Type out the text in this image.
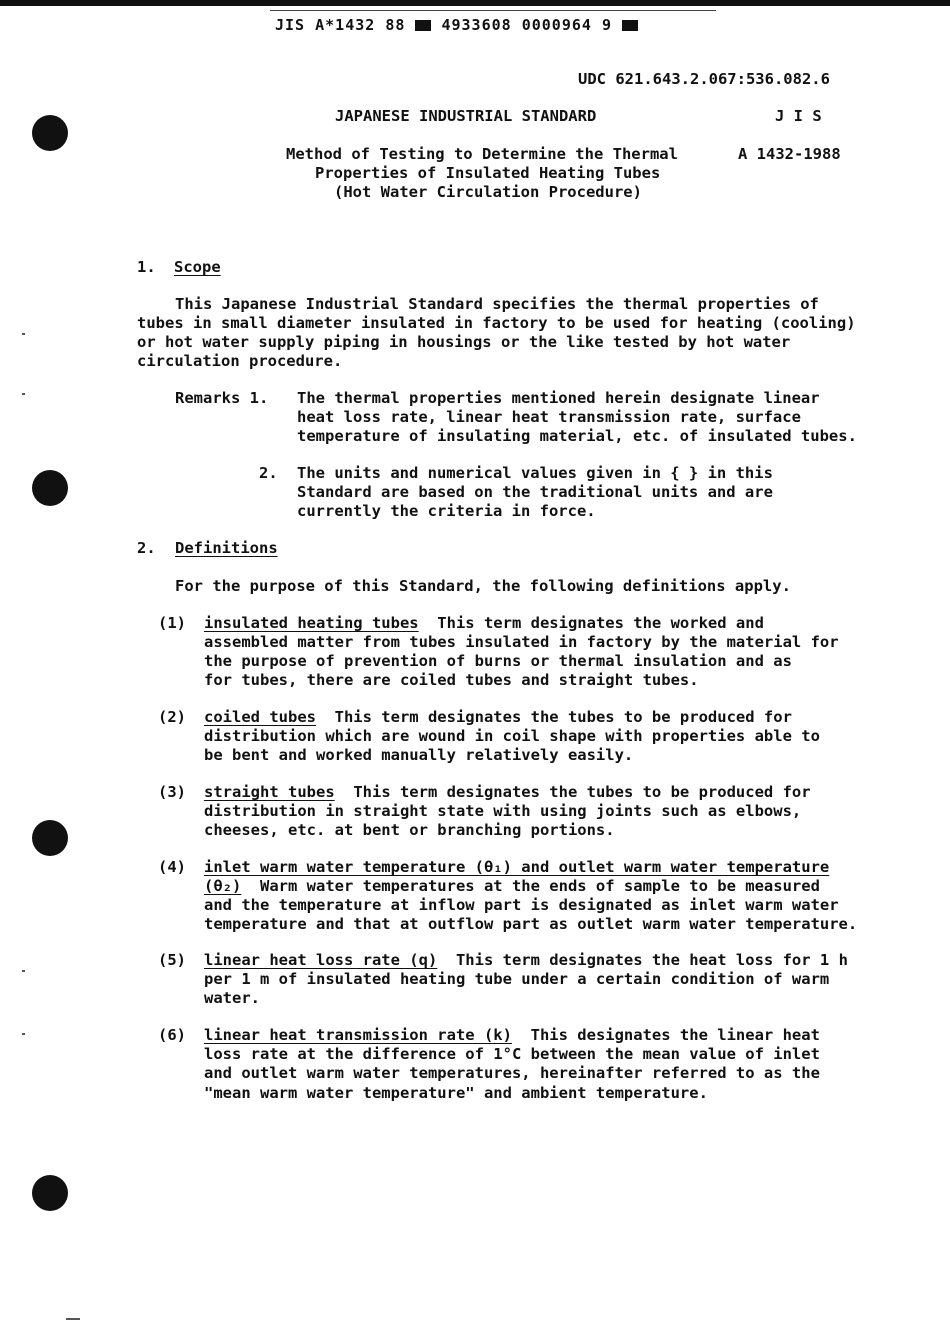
JIS A*1432 88 4933608 0000964 9
UDC 621.643.2.067:536.082.6
JAPANESE INDUSTRIAL STANDARD	J I S
A 1432-1988
Method of Testing to Determine the Thermal
Properties of Insulated Heating Tubes
(Hot Water Circulation Procedure)
1. Scope
This Japanese Industrial Standard specifies the thermal properties of
tubes in small diameter insulated in factory to be used for heating (cooling)
or hot water supply piping in housings or the like tested by hot water
circulation procedure.
Remarks 1. The thermal properties mentioned herein designate linear
heat loss rate, linear heat transmission rate, surface
temperature of insulating material, etc. of insulated tubes.
2. The units and numerical values given in { } in this
Standard are based on the traditional units and are
currently the criteria in force.
2. Definitions
For the purpose of this Standard, the following definitions apply.
(1) insulated heating tubes  This term designates the worked and
assembled matter from tubes insulated in factory by the material for
the purpose of prevention of burns or thermal insulation and as
for tubes, there are coiled tubes and straight tubes.
(2) coiled tubes  This term designates the tubes to be produced for
distribution which are wound in coil shape with properties able to
be bent and worked manually relatively easily.
(3) straight tubes  This term designates the tubes to be produced for
distribution in straight state with using joints such as elbows,
cheeses, etc. at bent or branching portions.
(4) inlet warm water temperature (θ₁) and outlet warm water temperature
(θ₂)  Warm water temperatures at the ends of sample to be measured
and the temperature at inflow part is designated as inlet warm water
temperature and that at outflow part as outlet warm water temperature.
(5) linear heat loss rate (q)  This term designates the heat loss for 1 h
per 1 m of insulated heating tube under a certain condition of warm
water.
(6) linear heat transmission rate (k)  This designates the linear heat
loss rate at the difference of 1°C between the mean value of inlet
and outlet warm water temperatures, hereinafter referred to as the
"mean warm water temperature" and ambient temperature.
